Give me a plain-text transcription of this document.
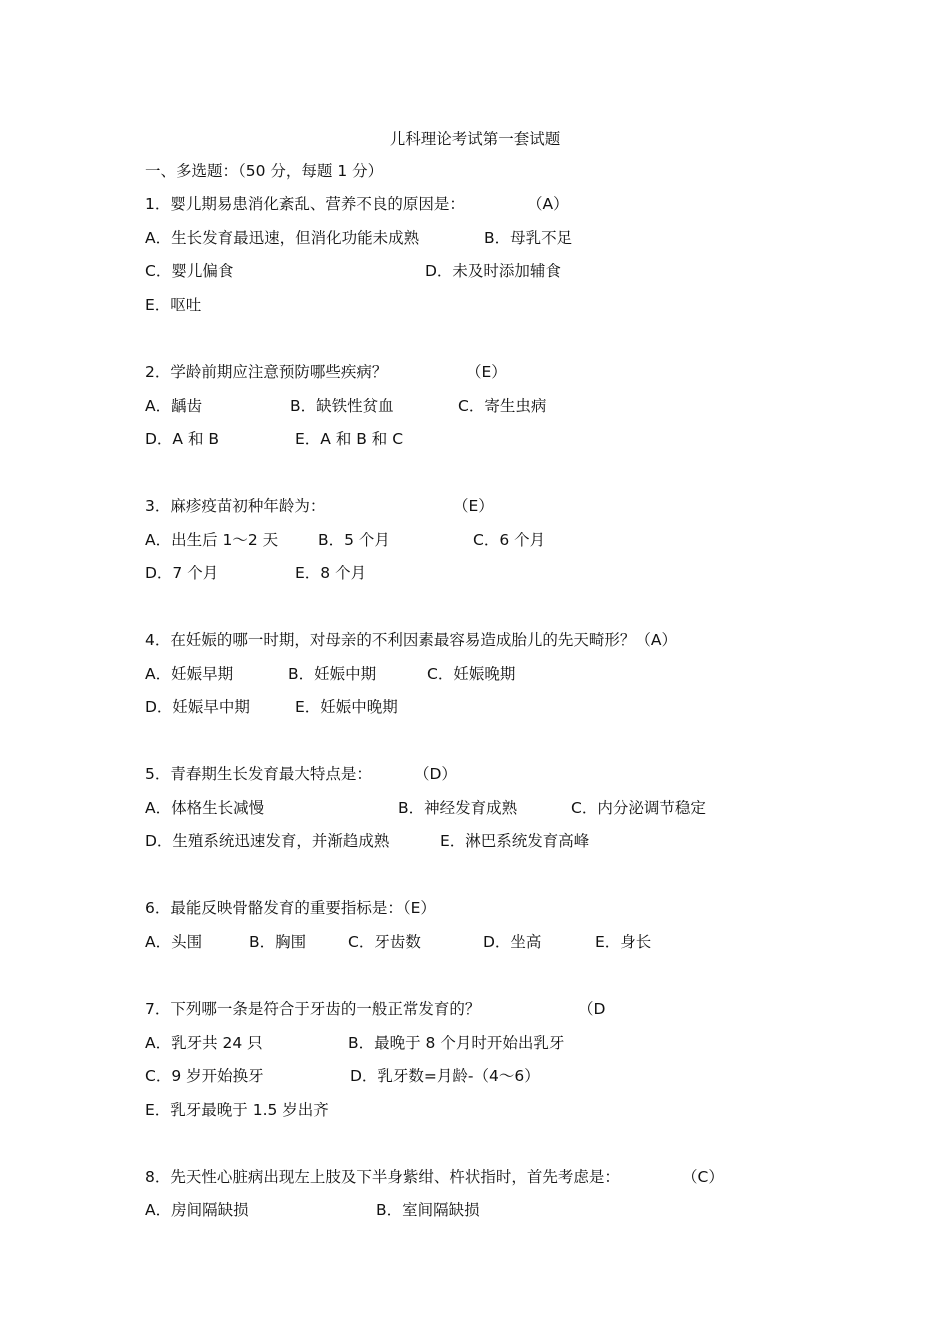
儿科理论考试第一套试题
一、多选题：（50 分，每题 1 分）
1．婴儿期易患消化紊乱、营养不良的原因是：	（A）
A．生长发育最迅速，但消化功能未成熟	B．母乳不足
C．婴儿偏食	D．未及时添加辅食
E．呕吐
2．学龄前期应注意预防哪些疾病？	（E）
A．龋齿	B．缺铁性贫血	C．寄生虫病
D．A 和 B	E．A 和 B 和 C
3．麻疹疫苗初种年龄为：	（E）
A．出生后 1～2 天	B．5 个月	C．6 个月
D．7 个月	E．8 个月
4．在妊娠的哪一时期，对母亲的不利因素最容易造成胎儿的先天畸形？（A）
A．妊娠早期	B．妊娠中期	C．妊娠晚期
D．妊娠早中期	E．妊娠中晚期
5．青春期生长发育最大特点是：	（D）
A．体格生长减慢	B．神经发育成熟	C．内分泌调节稳定
D．生殖系统迅速发育，并渐趋成熟	E．淋巴系统发育高峰
6．最能反映骨骼发育的重要指标是：（E）
A．头围	B．胸围	C．牙齿数	D．坐高	E．身长
7．下列哪一条是符合于牙齿的一般正常发育的？	（D
A．乳牙共 24 只	B．最晚于 8 个月时开始出乳牙
C．9 岁开始换牙	D．乳牙数=月龄-（4～6）
E．乳牙最晚于 1.5 岁出齐
8．先天性心脏病出现左上肢及下半身紫绀、杵状指时，首先考虑是：	（C）
A．房间隔缺损	B．室间隔缺损
